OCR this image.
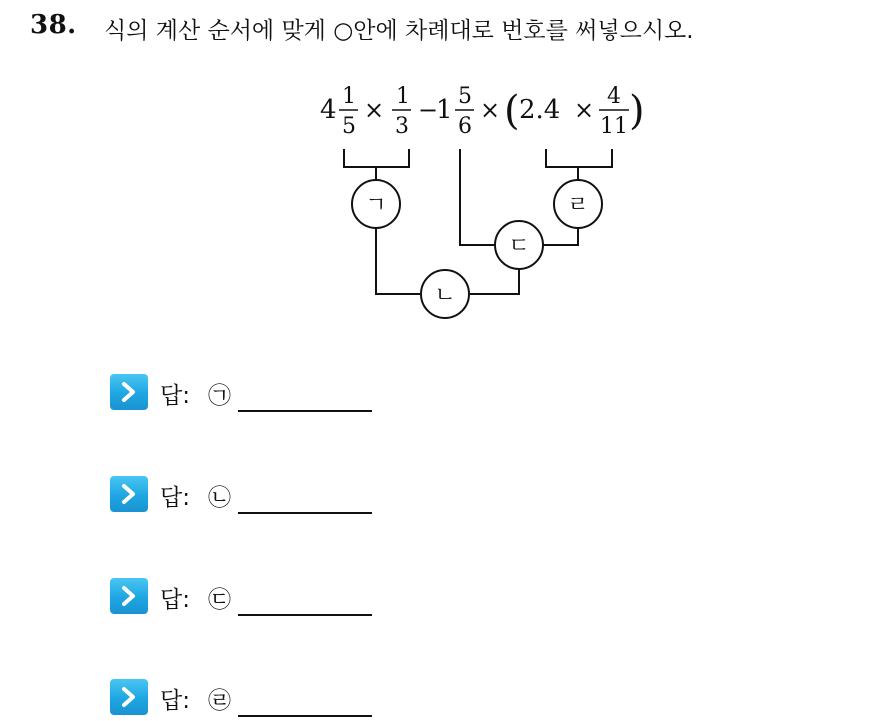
38. 식의 계산 순서에 맞게 ○안에 차례대로 번호를 써넣으시오.
4 1
5
× 1
3
−
1 5
6
× ( 2.4 × 4
11 )
ㄱ	ㄹ
ㄷ
ㄴ
답: ㉠
답: ㉡
답: ㉢
답: ㉣
